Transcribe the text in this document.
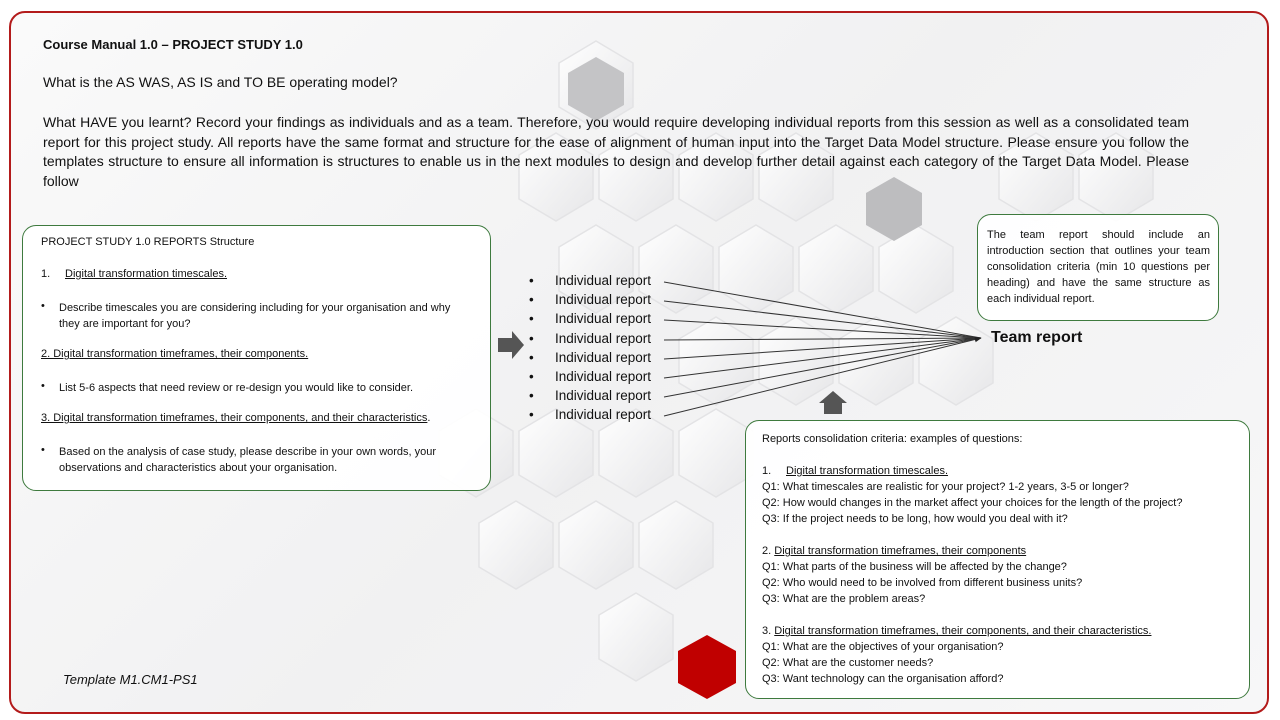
Course Manual 1.0 – PROJECT STUDY 1.0
What is the AS WAS, AS IS and TO BE operating model?
What HAVE you learnt? Record your findings as individuals and as a team. Therefore, you would require developing individual reports from this session as well as a consolidated team report for this project study. All reports have the same format and structure for the ease of alignment of human input into the Target Data Model structure. Please ensure you follow the templates structure to ensure all information is structures to enable us in the next modules to design and develop further detail against each category of the Target Data Model. Please follow
PROJECT STUDY 1.0 REPORTS Structure
1. Digital transformation timescales.
• Describe timescales you are considering including for your organisation and why they are important for you?
2. Digital transformation timeframes, their components.
• List 5-6 aspects that need review or re-design you would like to consider.
3. Digital transformation timeframes, their components, and their characteristics.
• Based on the analysis of case study, please describe in your own words, your observations and characteristics about your organisation.
The team report should include an introduction section that outlines your team consolidation criteria (min 10 questions per heading) and have the same structure as each individual report.
Reports consolidation criteria: examples of questions:
1. Digital transformation timescales.
Q1: What timescales are realistic for your project? 1-2 years, 3-5 or longer?
Q2: How would changes in the market affect your choices for the length of the project?
Q3: If the project needs to be long, how would you deal with it?
2. Digital transformation timeframes, their components
Q1: What parts of the business will be affected by the change?
Q2: Who would need to be involved from different business units?
Q3: What are the problem areas?
3. Digital transformation timeframes, their components, and their characteristics.
Q1: What are the objectives of your organisation?
Q2: What are the customer needs?
Q3: Want technology can the organisation afford?
• Individual report
• Individual report
• Individual report
• Individual report
• Individual report
• Individual report
• Individual report
• Individual report
Team report
Template M1.CM1-PS1
